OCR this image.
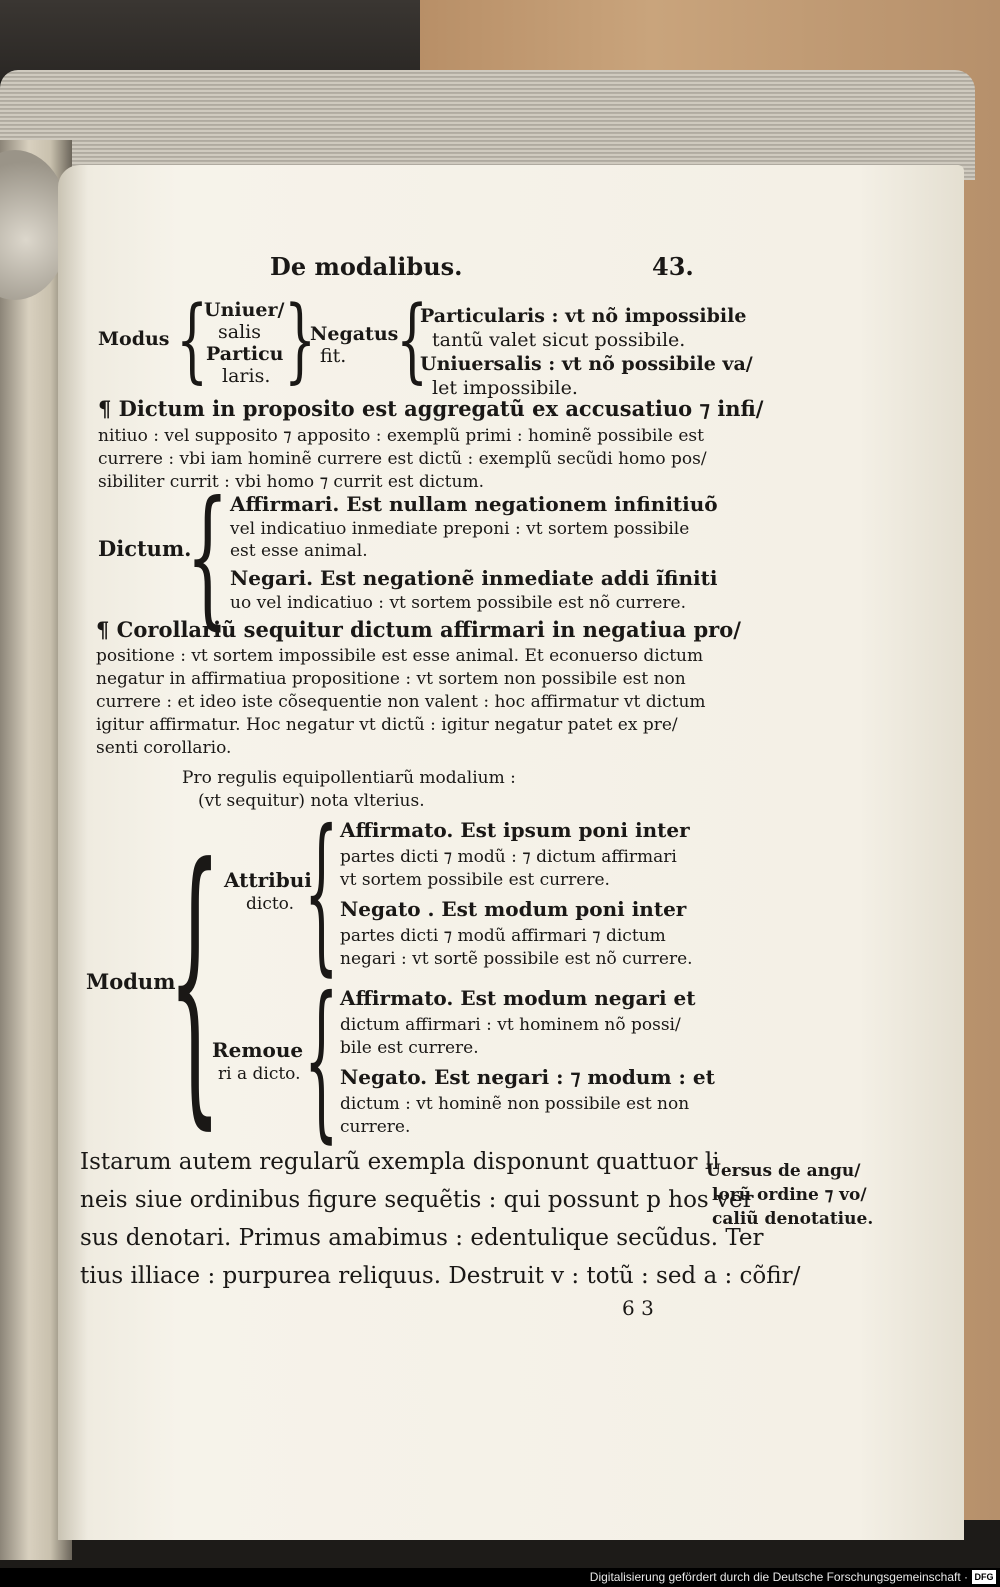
De modalibus.	43.
Modus {
Uniuer/
salis
Particu
laris. }
Negatus
fit. {
Particularis : vt nõ impossibile
tantũ valet sicut possibile.
Uniuersalis : vt nõ possibile va/
let impossibile.
¶ Dictum in proposito est aggregatũ ex accusatiuo ⁊ infi/
nitiuo : vel supposito ⁊ apposito : exemplũ primi : hominẽ possibile est
currere : vbi iam hominẽ currere est dictũ : exemplũ secũdi homo pos/
sibiliter currit : vbi homo ⁊ currit est dictum.
Dictum.
{ Affirmari. Est nullam negationem infinitiuõ
vel indicatiuo inmediate preponi : vt sortem possibile
est esse animal.
Negari. Est negationẽ inmediate addi ĩfiniti
uo vel indicatiuo : vt sortem possibile est nõ currere.
¶ Corollariũ sequitur dictum affirmari in negatiua pro/
positione : vt sortem impossibile est esse animal. Et econuerso dictum
negatur in affirmatiua propositione : vt sortem non possibile est non
currere : et ideo iste cõsequentie non valent : hoc affirmatur vt dictum
igitur affirmatur. Hoc negatur vt dictũ : igitur negatur patet ex pre/
senti corollario.
Pro regulis equipollentiarũ modalium :
(vt sequitur) nota vlterius.
Modum
{ Attribui
dicto.
Remoue
ri a dicto.
{
{
Affirmato. Est ipsum poni inter
partes dicti ⁊ modũ : ⁊ dictum affirmari
vt sortem possibile est currere.
Negato . Est modum poni inter
partes dicti ⁊ modũ affirmari ⁊ dictum
negari : vt sortẽ possibile est nõ currere.
Affirmato. Est modum negari et
dictum affirmari : vt hominem nõ possi/
bile est currere.
Negato. Est negari : ⁊ modum : et
dictum : vt hominẽ non possibile est non
currere.
Istarum autem regularũ exempla disponunt quattuor li
neis siue ordinibus figure sequẽtis : qui possunt p hos ver
sus denotari. Primus amabimus : edentulique secũdus. Ter
tius illiace : purpurea reliquus. Destruit v : totũ : sed a : cõfir/
Uersus de angu/
lorũ ordine ⁊ vo/
caliũ denotatiue.
6 3
Digitalisierung gefördert durch die Deutsche Forschungsgemeinschaft · DFG
